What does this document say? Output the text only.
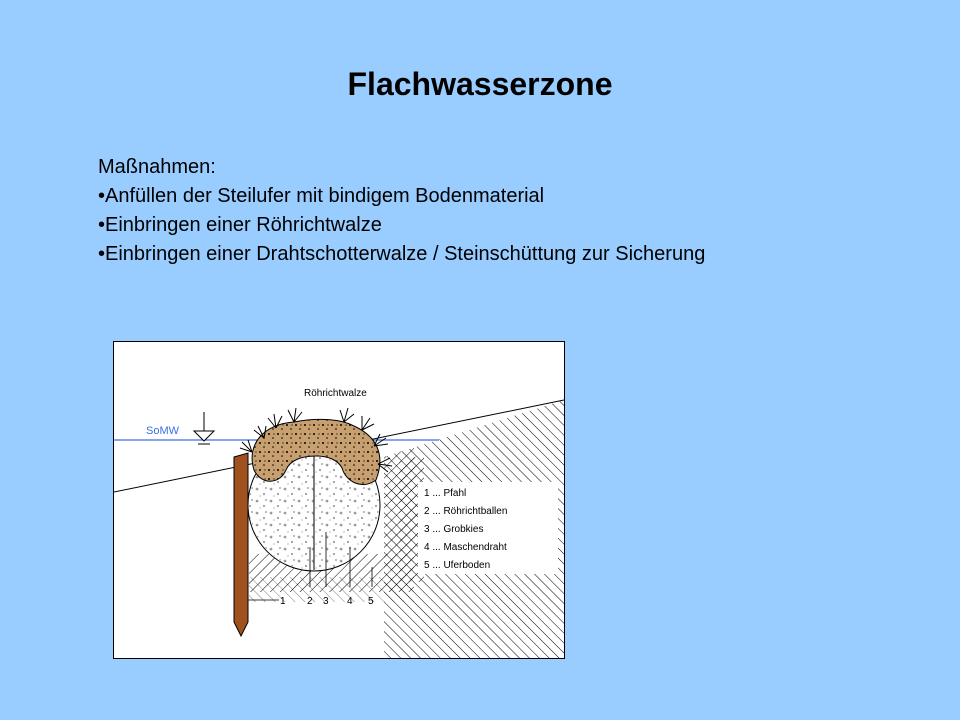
Flachwasserzone
Maßnahmen:
•Anfüllen der Steilufer mit bindigem Bodenmaterial
•Einbringen einer Röhrichtwalze
•Einbringen einer Drahtschotterwalze / Steinschüttung zur Sicherung
SoMW
Röhrichtwalze
1 2 3 4 5
1 ... Pfahl
2 ... Röhrichtballen
3 ... Grobkies
4 ... Maschendraht
5 ... Uferboden
